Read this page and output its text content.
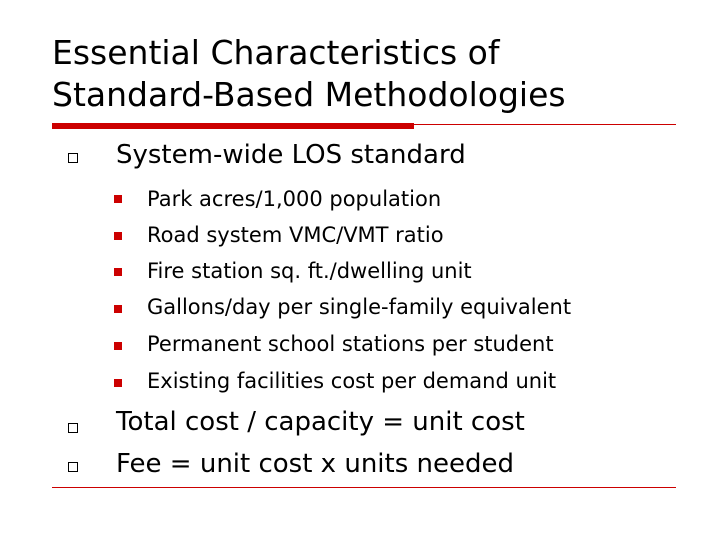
Essential Characteristics of
Standard-Based Methodologies
System-wide LOS standard
Park acres/1,000 population
Road system VMC/VMT ratio
Fire station sq. ft./dwelling unit
Gallons/day per single-family equivalent
Permanent school stations per student
Existing facilities cost per demand unit
Total cost / capacity = unit cost
Fee = unit cost x units needed
